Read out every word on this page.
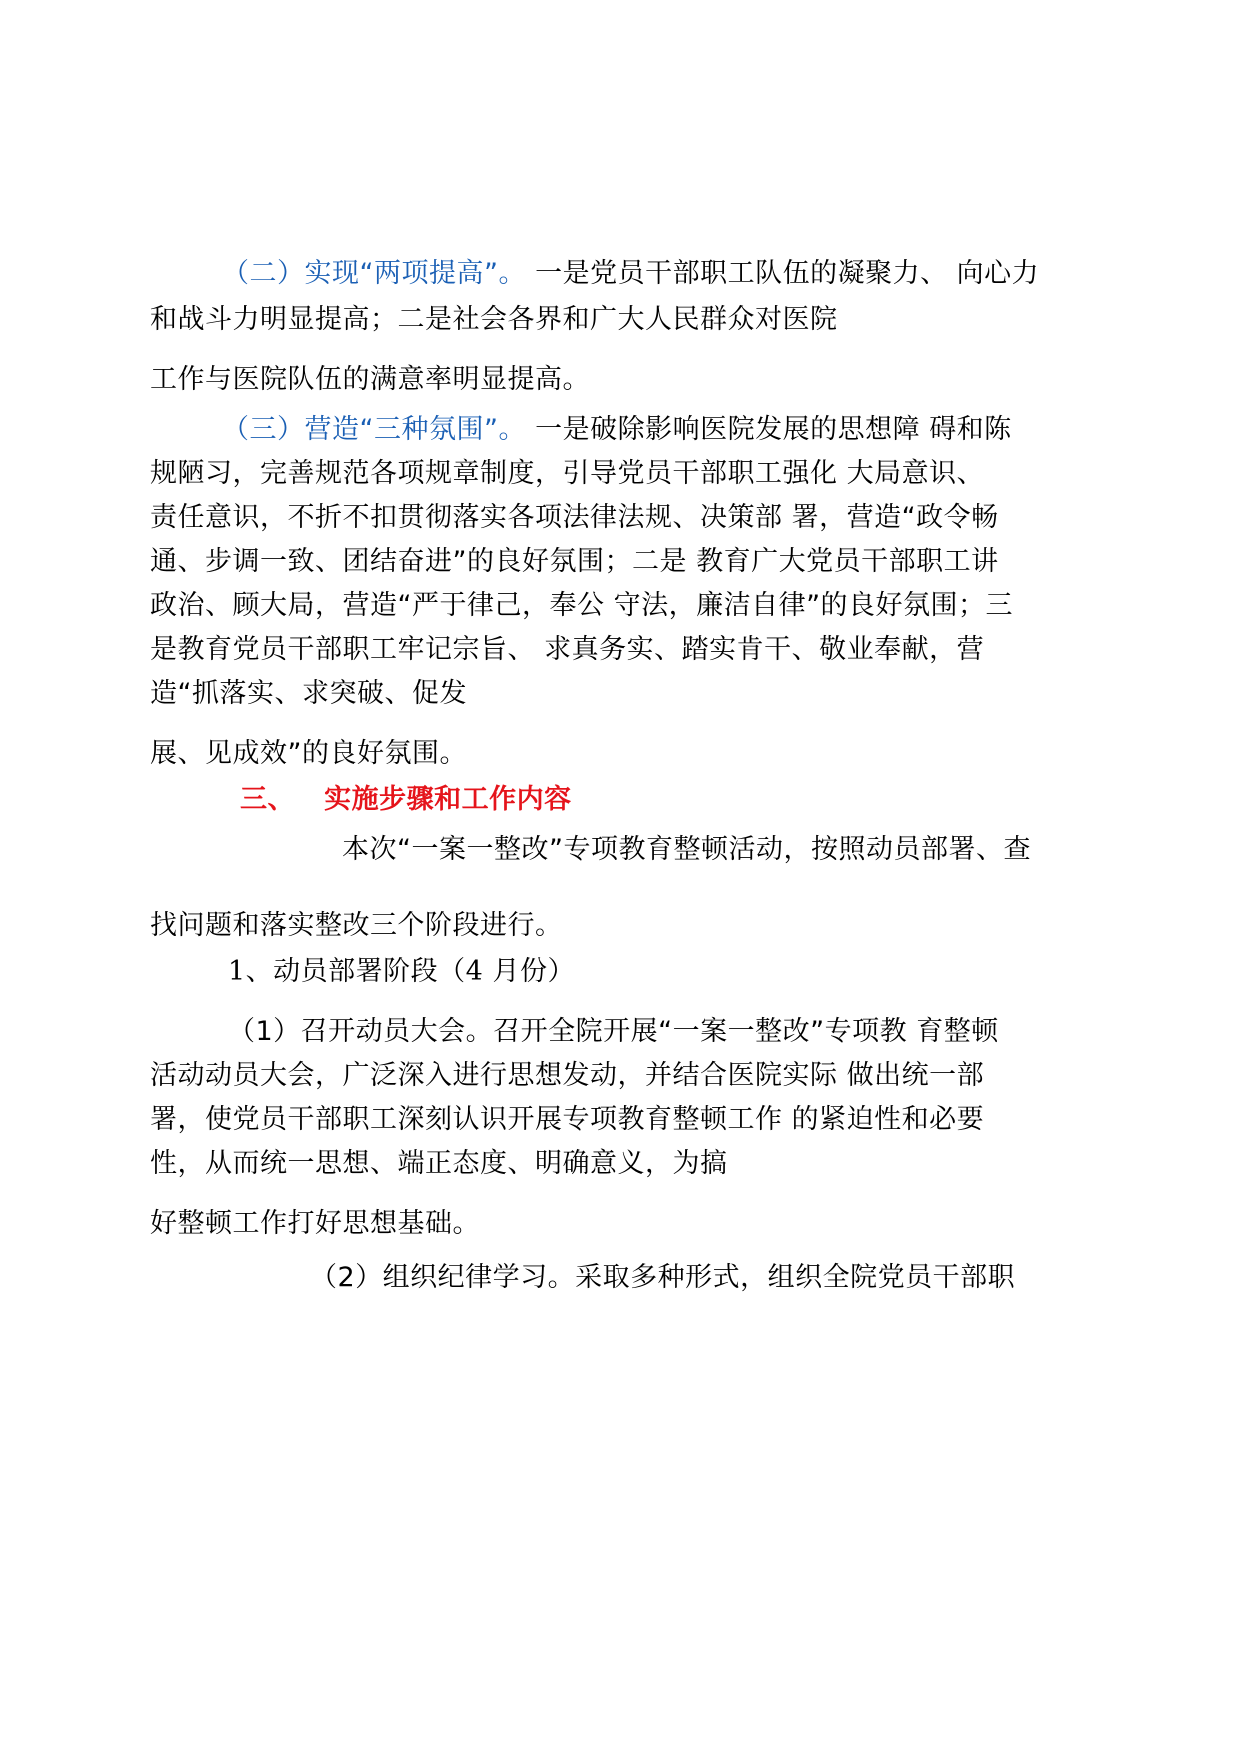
（二）实现“两项提高”。 一是党员干部职工队伍的凝聚力、 向心力
和战斗力明显提高；二是社会各界和广大人民群众对医院
工作与医院队伍的满意率明显提高。
（三）营造“三种氛围”。 一是破除影响医院发展的思想障 碍和陈
规陋习，完善规范各项规章制度，引导党员干部职工强化 大局意识、
责任意识，不折不扣贯彻落实各项法律法规、决策部 署，营造“政令畅
通、步调一致、团结奋进”的良好氛围；二是 教育广大党员干部职工讲
政治、顾大局，营造“严于律己，奉公 守法，廉洁自律”的良好氛围；三
是教育党员干部职工牢记宗旨、 求真务实、踏实肯干、敬业奉献，营
造“抓落实、求突破、促发
展、见成效”的良好氛围。
三、 实施步骤和工作内容
本次“一案一整改”专项教育整顿活动，按照动员部署、查
找问题和落实整改三个阶段进行。
1、动员部署阶段（4 月份）
（1）召开动员大会。召开全院开展“一案一整改”专项教 育整顿
活动动员大会，广泛深入进行思想发动，并结合医院实际 做出统一部
署，使党员干部职工深刻认识开展专项教育整顿工作 的紧迫性和必要
性，从而统一思想、端正态度、明确意义，为搞
好整顿工作打好思想基础。
（2）组织纪律学习。采取多种形式，组织全院党员干部职
